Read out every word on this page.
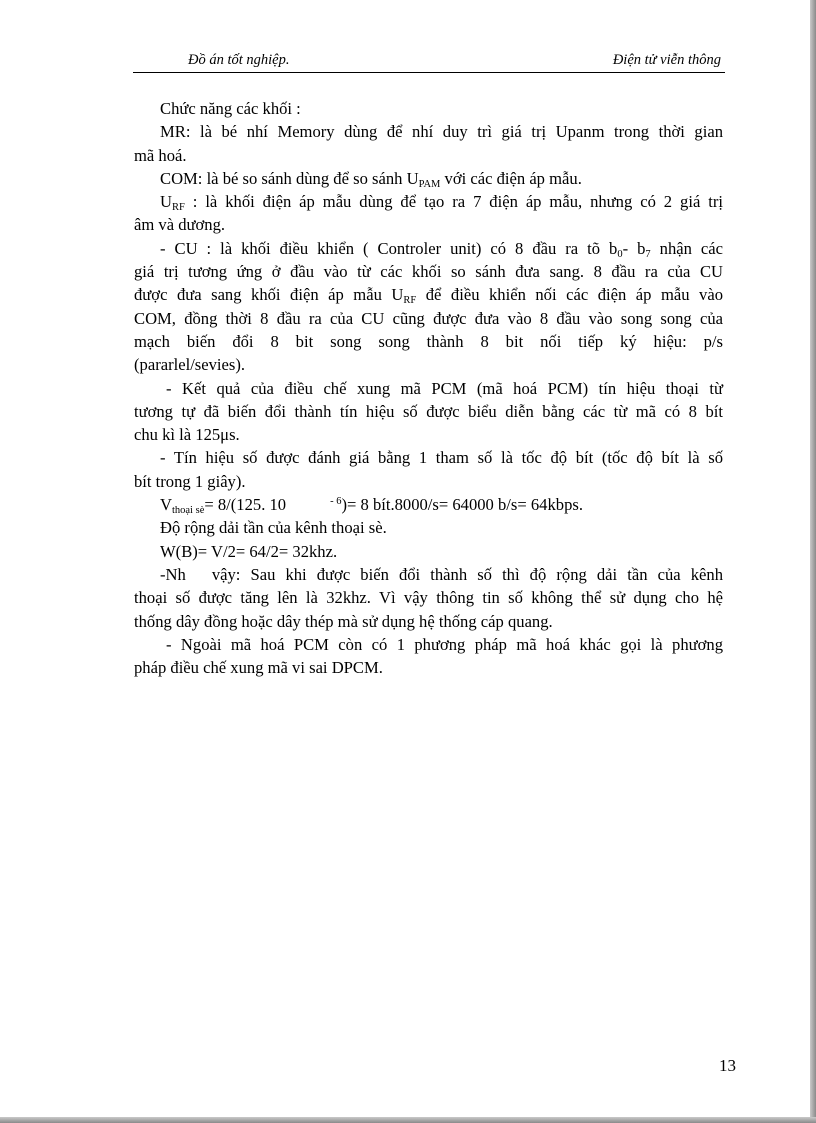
Đồ án tốt nghiệp.	Điện tử viễn thông
Chức năng các khối :
MR: là bé nhí Memory dùng để nhí duy trì giá trị Upanm trong thời gian
mã hoá.
COM: là bé so sánh dùng để so sánh $U_{PAM}$ với các điện áp mẫu.
$U_{RF}$ : là khối điện áp mẫu dùng để tạo ra 7 điện áp mẫu, nhưng có 2 giá trị
âm và dương.
- CU : là khối điều khiển ( Controler unit) có 8 đầu ra tõ $b_0-$ $b_7$ nhận các
giá trị tương ứng ở đầu vào từ các khối so sánh đưa sang. 8 đầu ra của CU
được đưa sang khối điện áp mẫu $U_{RF}$ để điều khiển nối các điện áp mẫu vào
COM, đồng thời 8 đầu ra của CU cũng được đưa vào 8 đầu vào song song của
mạch biến đổi 8 bit song song thành 8 bit nối tiếp ký hiệu: p/s
(pararlel/sevies).
- Kết quả của điều chế xung mã PCM (mã hoá PCM) tín hiệu thoại từ
tương tự đã biến đổi thành tín hiệu số được biểu diễn bằng các từ mã có 8 bít
chu kì là 125μs.
- Tín hiệu số được đánh giá bằng 1 tham số là tốc độ bít (tốc độ bít là số
bít trong 1 giây).
$V_{thoại sè}= 8/(125$. 10	$^{- 6}$)= 8 bít.8000/s= 64000 b/s= 64kbps.
Độ rộng dải tần của kênh thoại sè.
W(B)= V/2= 64/2= 32khz.
-Nh vậy: Sau khi được biến đổi thành số thì độ rộng dải tần của kênh
thoại số được tăng lên là 32khz. Vì vậy thông tin số không thể sử dụng cho hệ
thống dây đồng hoặc dây thép mà sử dụng hệ thống cáp quang.
- Ngoài mã hoá PCM còn có 1 phương pháp mã hoá khác gọi là phương
pháp điều chế xung mã vi sai DPCM.
13
